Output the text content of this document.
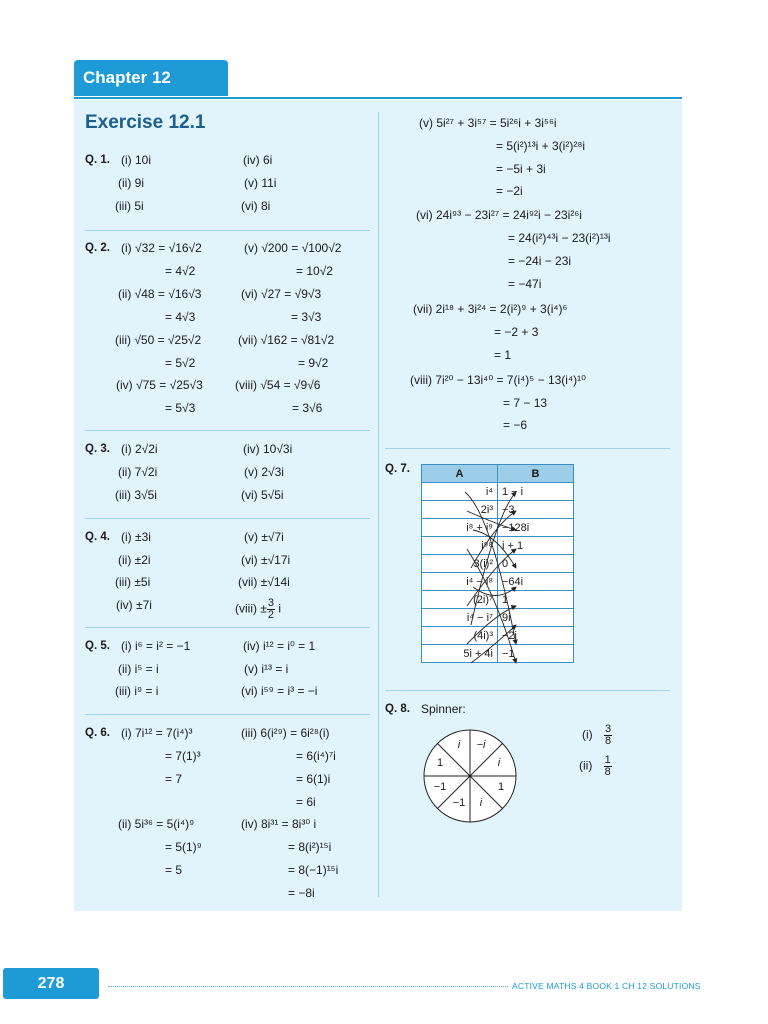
Chapter 12
Exercise 12.1
Q. 1. (i) 10i
(ii) 9i
(iii) 5i
(iv) 6i
(v) 11i
(vi) 8i
Q. 2. (i) √32 = √16√2
= 4√2
(ii) √48 = √16√3
= 4√3
(iii) √50 = √25√2
= 5√2
(iv) √75 = √25√3
= 5√3
(v) √200 = √100√2
= 10√2
(vi) √27 = √9√3
= 3√3
(vii) √162 = √81√2
= 9√2
(viii) √54 = √9√6
= 3√6
Q. 3. (i) 2√2i
(ii) 7√2i
(iii) 3√5i
(iv) 10√3i
(v) 2√3i
(vi) 5√5i
Q. 4. (i) ±3i
(ii) ±2i
(iii) ±5i
(iv) ±7i
(v) ±√7i
(vi) ±√17i
(vii) ±√14i
(viii) ± $\frac{3}{2}$ i
Q. 5. (i) i⁶ = i² = −1
(ii) i⁵ = i
(iii) i⁹ = i
(iv) i¹² = i⁰ = 1
(v) i¹³ = i
(vi) i⁵⁹ = i³ = −i
Q. 6. (i) 7i¹² = 7(i⁴)³
= 7(1)³
= 7
(ii) 5i³⁶ = 5(i⁴)⁹
= 5(1)⁹
= 5
(iii) 6(i²⁹) = 6i²⁸(i)
= 6(i⁴)⁷i
= 6(1)i
= 6i
(iv) 8i³¹ = 8i³⁰ i
= 8(i²)¹⁵i
= 8(−1)¹⁵i
= −8i
(v) 5i²⁷ + 3i⁵⁷ = 5i²⁶i + 3i⁵⁶i
= 5(i²)¹³i + 3(i²)²⁸i
= −5i + 3i
= −2i
(vi) 24i⁹³ − 23i²⁷ = 24i⁹²i − 23i²⁶i
= 24(i²)⁴³i − 23(i²)¹³i
= −24i − 23i
= −47i
(vii) 2i¹⁸ + 3i²⁴ = 2(i²)⁹ + 3(i⁴)⁶
= −2 + 3
= 1
(viii) 7i²⁰ − 13i⁴⁰ = 7(i⁴)⁵ − 13(i⁴)¹⁰
= 7 − 13
= −6
Q. 7.	A	B
i⁴	1 − i
2i³	−3
i⁸ + i⁹	−128i
i⁹⁸	i + 1
3(i)²	0
i⁴ − i⁸	−64i
(2i)⁷	1
i⁴ − i⁷	9i
(4i)³	−2i
5i + 4i	−1
Q. 8. Spinner:
i −i
i
1
−1
i
−1
1
$(i) \frac{3}{8}$
$(ii) \frac{1}{8}$
278	ACTIVE MATHS 4 BOOK 1 CH 12 SOLUTIONS
